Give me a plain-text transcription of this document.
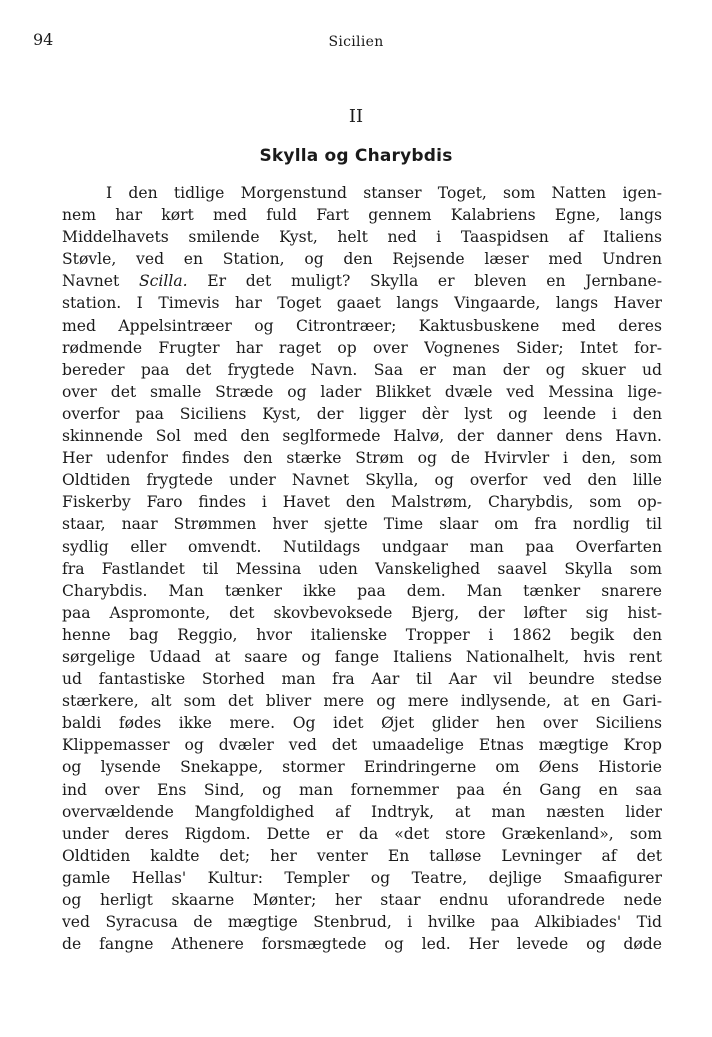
94	Sicilien
II
Skylla og Charybdis
I den tidlige Morgenstund stanser Toget, som Natten igen-
nem har kørt med fuld Fart gennem Kalabriens Egne, langs
Middelhavets smilende Kyst, helt ned i Taaspidsen af Italiens
Støvle, ved en Station, og den Rejsende læser med Undren
Navnet Scilla. Er det muligt? Skylla er bleven en Jernbane-
station. I Timevis har Toget gaaet langs Vingaarde, langs Haver
med Appelsintræer og Citrontræer; Kaktusbuskene med deres
rødmende Frugter har raget op over Vognenes Sider; Intet for-
bereder paa det frygtede Navn. Saa er man der og skuer ud
over det smalle Stræde og lader Blikket dvæle ved Messina lige-
overfor paa Siciliens Kyst, der ligger dèr lyst og leende i den
skinnende Sol med den seglformede Halvø, der danner dens Havn.
Her udenfor findes den stærke Strøm og de Hvirvler i den, som
Oldtiden frygtede under Navnet Skylla, og overfor ved den lille
Fiskerby Faro findes i Havet den Malstrøm, Charybdis, som op-
staar, naar Strømmen hver sjette Time slaar om fra nordlig til
sydlig eller omvendt. Nutildags undgaar man paa Overfarten
fra Fastlandet til Messina uden Vanskelighed saavel Skylla som
Charybdis. Man tænker ikke paa dem. Man tænker snarere
paa Aspromonte, det skovbevoksede Bjerg, der løfter sig hist-
henne bag Reggio, hvor italienske Tropper i 1862 begik den
sørgelige Udaad at saare og fange Italiens Nationalhelt, hvis rent
ud fantastiske Storhed man fra Aar til Aar vil beundre stedse
stærkere, alt som det bliver mere og mere indlysende, at en Gari-
baldi fødes ikke mere. Og idet Øjet glider hen over Siciliens
Klippemasser og dvæler ved det umaadelige Etnas mægtige Krop
og lysende Snekappe, stormer Erindringerne om Øens Historie
ind over Ens Sind, og man fornemmer paa én Gang en saa
overvældende Mangfoldighed af Indtryk, at man næsten lider
under deres Rigdom. Dette er da «det store Grækenland», som
Oldtiden kaldte det; her venter En talløse Levninger af det
gamle Hellas' Kultur: Templer og Teatre, dejlige Smaafigurer
og herligt skaarne Mønter; her staar endnu uforandrede nede
ved Syracusa de mægtige Stenbrud, i hvilke paa Alkibiades' Tid
de fangne Athenere forsmægtede og led. Her levede og døde
